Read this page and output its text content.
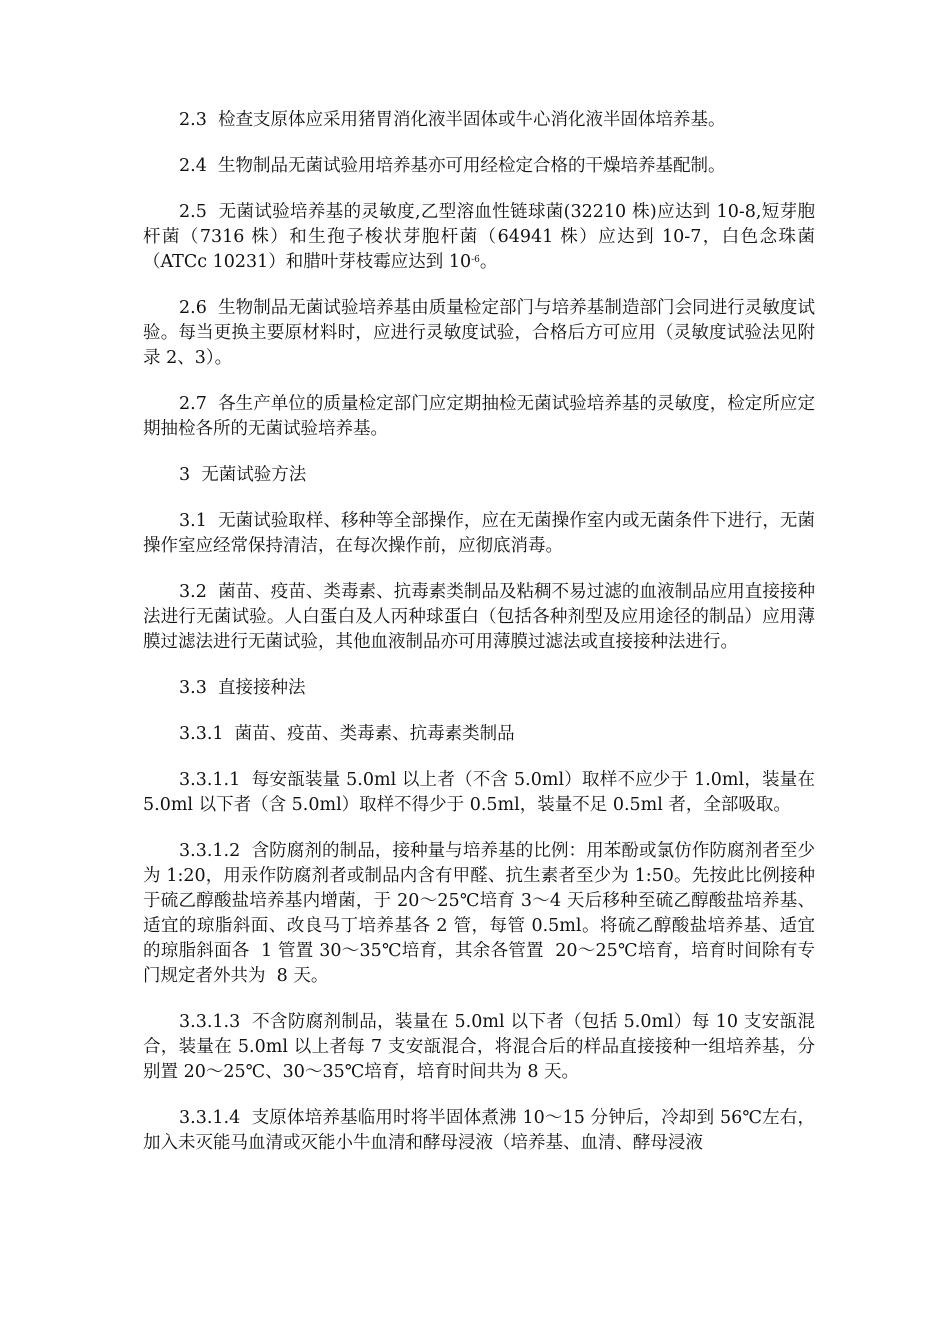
2.3  检查支原体应采用猪胃消化液半固体或牛心消化液半固体培养基。

2.4  生物制品无菌试验用培养基亦可用经检定合格的干燥培养基配制。

2.5  无菌试验培养基的灵敏度,乙型溶血性链球菌(32210 株)应达到 10-8,短芽胞杆菌（7316 株）和生孢子梭状芽胞杆菌（64941 株）应达到 10-7，白色念珠菌（ATCc 10231）和腊叶芽枝霉应达到 $10^{-6}$。

2.6  生物制品无菌试验培养基由质量检定部门与培养基制造部门会同进行灵敏度试验。每当更换主要原材料时，应进行灵敏度试验，合格后方可应用（灵敏度试验法见附录 2、3）。

2.7  各生产单位的质量检定部门应定期抽检无菌试验培养基的灵敏度，检定所应定期抽检各所的无菌试验培养基。

3  无菌试验方法

3.1  无菌试验取样、移种等全部操作，应在无菌操作室内或无菌条件下进行，无菌操作室应经常保持清洁，在每次操作前，应彻底消毒。

3.2  菌苗、疫苗、类毒素、抗毒素类制品及粘稠不易过滤的血液制品应用直接接种法进行无菌试验。人白蛋白及人丙种球蛋白（包括各种剂型及应用途径的制品）应用薄膜过滤法进行无菌试验，其他血液制品亦可用薄膜过滤法或直接接种法进行。

3.3  直接接种法

3.3.1  菌苗、疫苗、类毒素、抗毒素类制品

3.3.1.1  每安瓿装量 5.0ml 以上者（不含 5.0ml）取样不应少于 1.0ml，装量在 5.0ml 以下者（含 5.0ml）取样不得少于 0.5ml，装量不足 0.5ml 者，全部吸取。

3.3.1.2  含防腐剂的制品，接种量与培养基的比例：用苯酚或氯仿作防腐剂者至少为 1:20，用汞作防腐剂者或制品内含有甲醛、抗生素者至少为 1:50。先按此比例接种于硫乙醇酸盐培养基内增菌，于 20～25℃培育 3～4 天后移种至硫乙醇酸盐培养基、适宜的琼脂斜面、改良马丁培养基各 2 管，每管 0.5ml。将硫乙醇酸盐培养基、适宜的琼脂斜面各  1 管置 30～35℃培育，其余各管置  20～25℃培育，培育时间除有专门规定者外共为  8 天。

3.3.1.3  不含防腐剂制品，装量在 5.0ml 以下者（包括 5.0ml）每 10 支安瓿混合，装量在 5.0ml 以上者每 7 支安瓿混合，将混合后的样品直接接种一组培养基，分别置 20～25℃、30～35℃培育，培育时间共为 8 天。

3.3.1.4  支原体培养基临用时将半固体煮沸 10～15 分钟后，冷却到 56℃左右，加入未灭能马血清或灭能小牛血清和酵母浸液（培养基、血清、酵母浸液
